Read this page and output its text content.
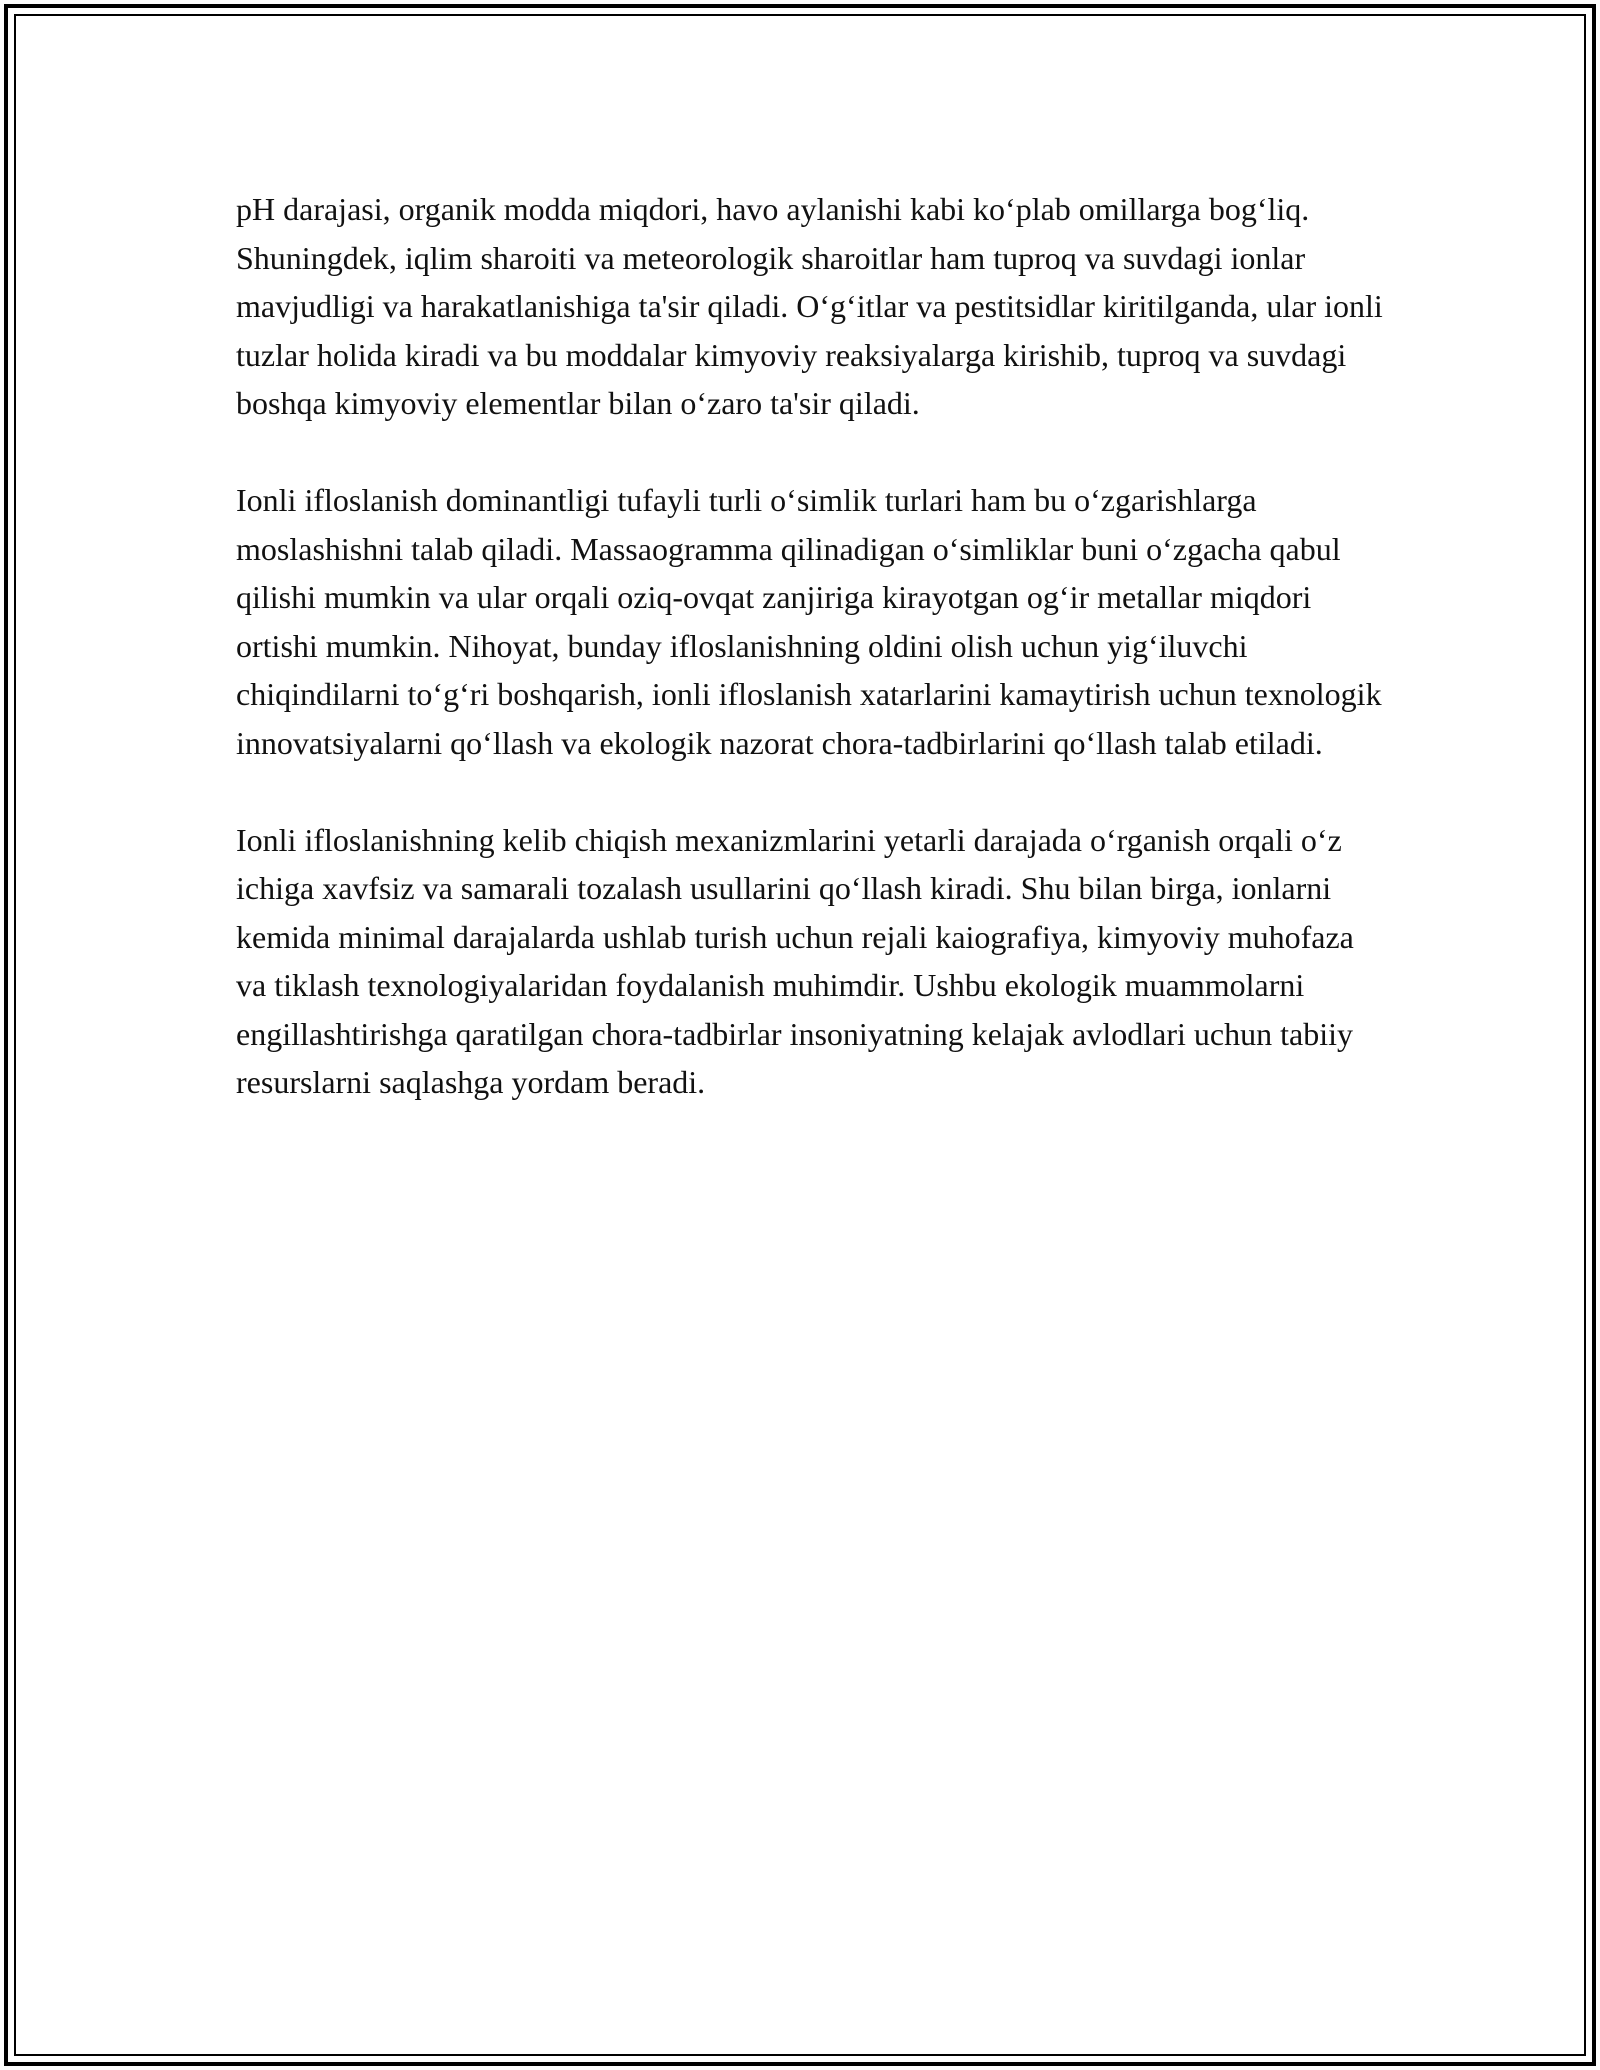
pH darajasi, organik modda miqdori, havo aylanishi kabi ko‘plab omillarga bog‘liq. Shuningdek, iqlim sharoiti va meteorologik sharoitlar ham tuproq va suvdagi ionlar mavjudligi va harakatlanishiga ta'sir qiladi. O‘g‘itlar va pestitsidlar kiritilganda, ular ionli tuzlar holida kiradi va bu moddalar kimyoviy reaksiyalarga kirishib, tuproq va suvdagi boshqa kimyoviy elementlar bilan o‘zaro ta'sir qiladi.

Ionli ifloslanish dominantligi tufayli turli o‘simlik turlari ham bu o‘zgarishlarga moslashishni talab qiladi. Massaogramma qilinadigan o‘simliklar buni o‘zgacha qabul qilishi mumkin va ular orqali oziq-ovqat zanjiriga kirayotgan og‘ir metallar miqdori ortishi mumkin. Nihoyat, bunday ifloslanishning oldini olish uchun yig‘iluvchi chiqindilarni to‘g‘ri boshqarish, ionli ifloslanish xatarlarini kamaytirish uchun texnologik innovatsiyalarni qo‘llash va ekologik nazorat chora-tadbirlarini qo‘llash talab etiladi.

Ionli ifloslanishning kelib chiqish mexanizmlarini yetarli darajada o‘rganish orqali o‘z ichiga xavfsiz va samarali tozalash usullarini qo‘llash kiradi. Shu bilan birga, ionlarni kemida minimal darajalarda ushlab turish uchun rejali kaiografiya, kimyoviy muhofaza va tiklash texnologiyalaridan foydalanish muhimdir. Ushbu ekologik muammolarni engillashtirishga qaratilgan chora-tadbirlar insoniyatning kelajak avlodlari uchun tabiiy resurslarni saqlashga yordam beradi.
